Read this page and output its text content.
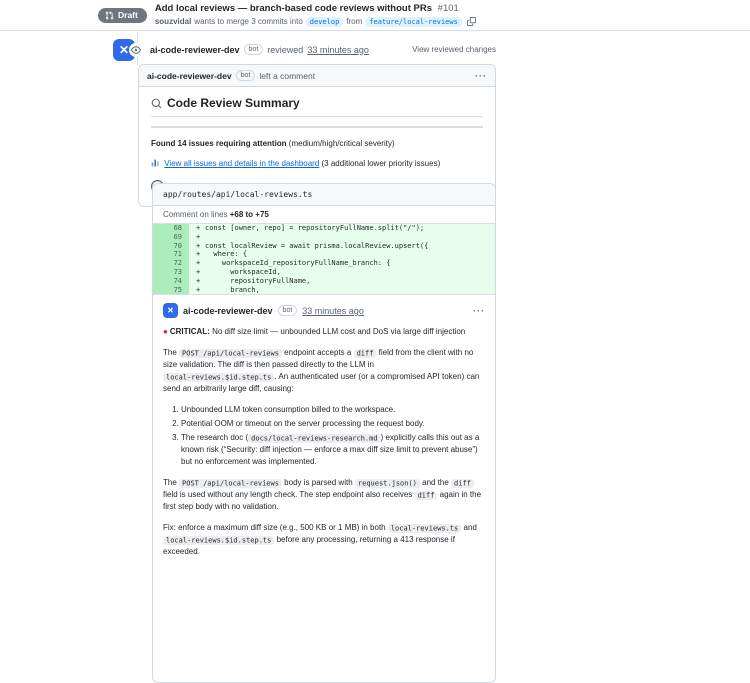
Draft
Add local reviews — branch-based code reviews without PRs #101
souzvidal wants to merge 3 commits into	develop from	feature/local-reviews
✕	ai-code-reviewer-dev	bot	reviewed 33 minutes ago	View reviewed changes
ai-code-reviewer-dev	bot	left a comment	···
Code Review Summary

Found 14 issues requiring attention (medium/high/critical severity)

View all issues and details in the dashboard (3 additional lower priority issues)

app/routes/api/local-reviews.ts
Comment on lines +68 to +75
68	+ const [owner, repo] = repositoryFullName.split("/");
69	+
70	+ const localReview = await prisma.localReview.upsert({
71	+  where: {
72	+    workspaceId_repositoryFullName_branch: {
73	+      workspaceId,
74	+      repositoryFullName,
75	+      branch,
✕	ai-code-reviewer-dev	bot	33 minutes ago	···

● CRITICAL: No diff size limit — unbounded LLM cost and DoS via large diff injection

The POST /api/local-reviews endpoint accepts a diff field from the client with no size validation. The diff is then passed directly to the LLM in local-reviews.$id.step.ts . An authenticated user (or a compromised API token) can send an arbitrarily large diff, causing:

1. Unbounded LLM token consumption billed to the workspace.
2. Potential OOM or timeout on the server processing the request body.
3. The research doc ( docs/local-reviews-research.md ) explicitly calls this out as a known risk (“Security: diff injection — enforce a max diff size limit to prevent abuse”) but no enforcement was implemented.

The POST /api/local-reviews body is parsed with request.json() and the diff field is used without any length check. The step endpoint also receives diff again in the first step body with no validation.

Fix: enforce a maximum diff size (e.g., 500 KB or 1 MB) in both local-reviews.ts and local-reviews.$id.step.ts before any processing, returning a 413 response if exceeded.
